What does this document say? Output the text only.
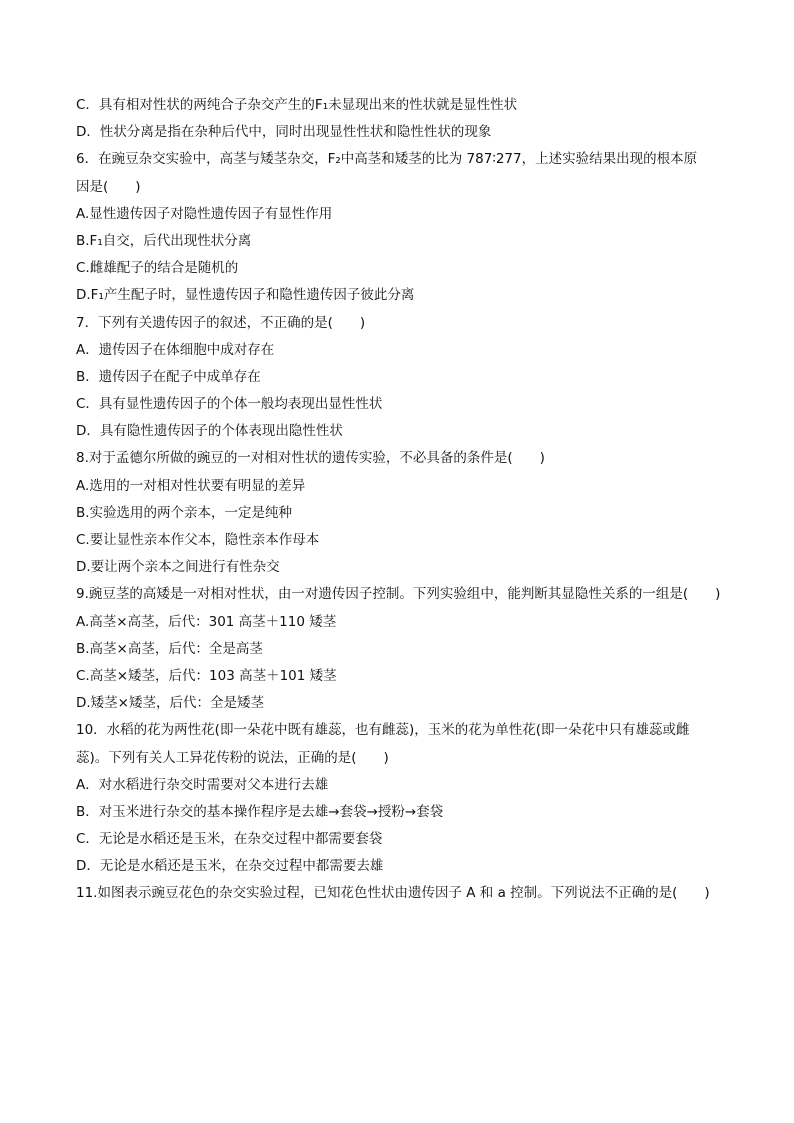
C．具有相对性状的两纯合子杂交产生的F₁未显现出来的性状就是显性性状
D．性状分离是指在杂种后代中，同时出现显性性状和隐性性状的现象
6．在豌豆杂交实验中，高茎与矮茎杂交，F₂中高茎和矮茎的比为 787∶277，上述实验结果出现的根本原
因是(　　)
A.显性遗传因子对隐性遗传因子有显性作用
B.F₁自交，后代出现性状分离
C.雌雄配子的结合是随机的
D.F₁产生配子时，显性遗传因子和隐性遗传因子彼此分离
7．下列有关遗传因子的叙述，不正确的是(　　)
A．遗传因子在体细胞中成对存在
B．遗传因子在配子中成单存在
C．具有显性遗传因子的个体一般均表现出显性性状
D．具有隐性遗传因子的个体表现出隐性性状
8.对于孟德尔所做的豌豆的一对相对性状的遗传实验，不必具备的条件是(　　)
A.选用的一对相对性状要有明显的差异
B.实验选用的两个亲本，一定是纯种
C.要让显性亲本作父本，隐性亲本作母本
D.要让两个亲本之间进行有性杂交
9.豌豆茎的高矮是一对相对性状，由一对遗传因子控制。下列实验组中，能判断其显隐性关系的一组是(　　)
A.高茎×高茎，后代：301 高茎＋110 矮茎
B.高茎×高茎，后代：全是高茎
C.高茎×矮茎，后代：103 高茎＋101 矮茎
D.矮茎×矮茎，后代：全是矮茎
10．水稻的花为两性花(即一朵花中既有雄蕊，也有雌蕊)，玉米的花为单性花(即一朵花中只有雄蕊或雌
蕊)。下列有关人工异花传粉的说法，正确的是(　　)
A．对水稻进行杂交时需要对父本进行去雄
B．对玉米进行杂交的基本操作程序是去雄→套袋→授粉→套袋
C．无论是水稻还是玉米，在杂交过程中都需要套袋
D．无论是水稻还是玉米，在杂交过程中都需要去雄
11.如图表示豌豆花色的杂交实验过程，已知花色性状由遗传因子 A 和 a 控制。下列说法不正确的是(　　)
